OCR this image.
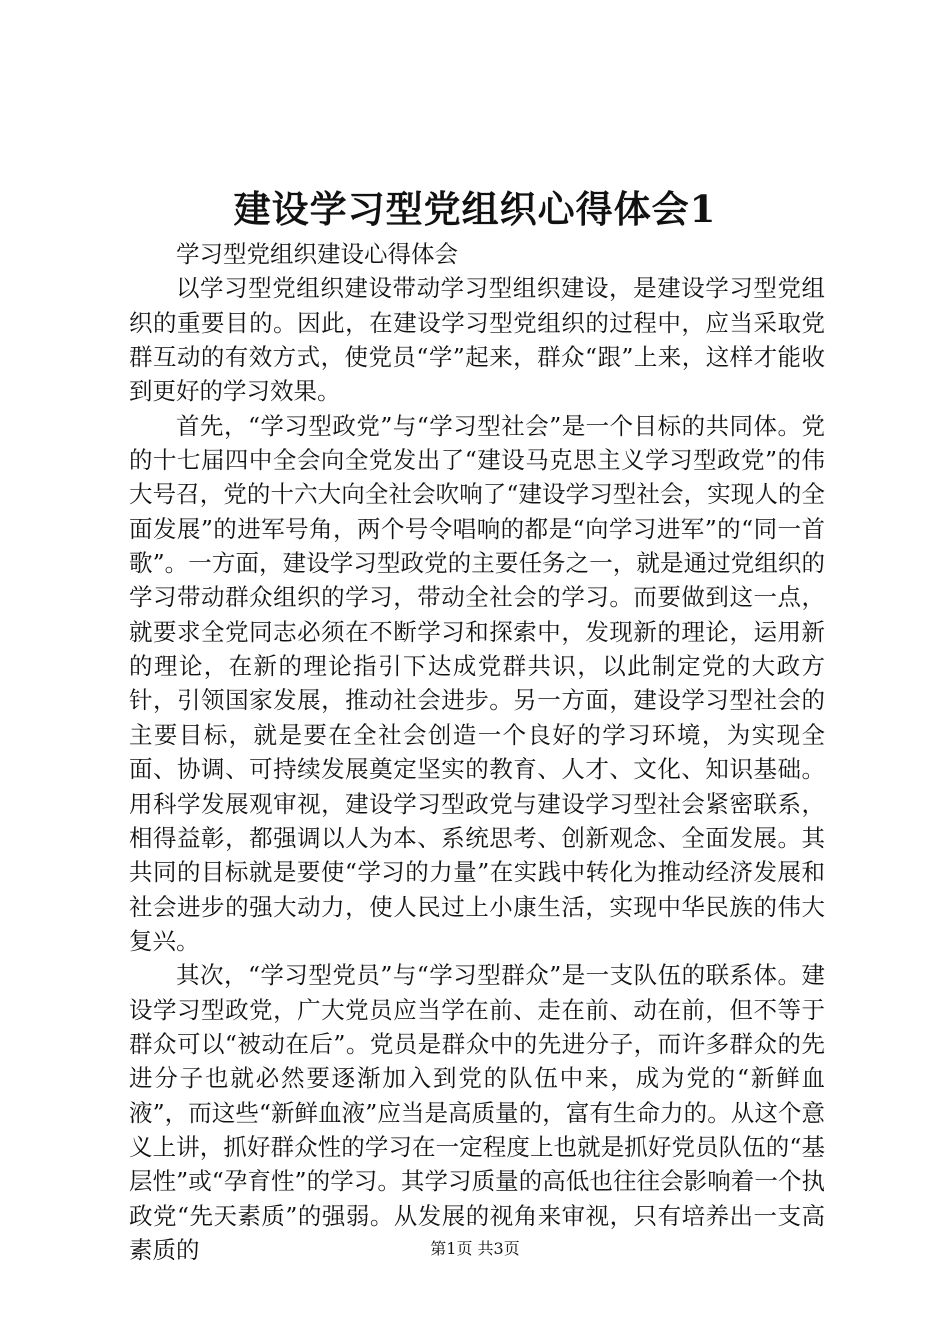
建设学习型党组织心得体会1

学习型党组织建设心得体会

以学习型党组织建设带动学习型组织建设，是建设学习型党组织的重要目的。因此，在建设学习型党组织的过程中，应当采取党群互动的有效方式，使党员“学”起来，群众“跟”上来，这样才能收到更好的学习效果。

首先，“学习型政党”与“学习型社会”是一个目标的共同体。党的十七届四中全会向全党发出了“建设马克思主义学习型政党”的伟大号召，党的十六大向全社会吹响了“建设学习型社会，实现人的全面发展”的进军号角，两个号令唱响的都是“向学习进军”的“同一首歌”。一方面，建设学习型政党的主要任务之一，就是通过党组织的学习带动群众组织的学习，带动全社会的学习。而要做到这一点，就要求全党同志必须在不断学习和探索中，发现新的理论，运用新的理论，在新的理论指引下达成党群共识，以此制定党的大政方针，引领国家发展，推动社会进步。另一方面，建设学习型社会的主要目标，就是要在全社会创造一个良好的学习环境，为实现全面、协调、可持续发展奠定坚实的教育、人才、文化、知识基础。用科学发展观审视，建设学习型政党与建设学习型社会紧密联系，相得益彰，都强调以人为本、系统思考、创新观念、全面发展。其共同的目标就是要使“学习的力量”在实践中转化为推动经济发展和社会进步的强大动力，使人民过上小康生活，实现中华民族的伟大复兴。

其次，“学习型党员”与“学习型群众”是一支队伍的联系体。建设学习型政党，广大党员应当学在前、走在前、动在前，但不等于群众可以“被动在后”。党员是群众中的先进分子，而许多群众的先进分子也就必然要逐渐加入到党的队伍中来，成为党的“新鲜血液”，而这些“新鲜血液”应当是高质量的，富有生命力的。从这个意义上讲，抓好群众性的学习在一定程度上也就是抓好党员队伍的“基层性”或“孕育性”的学习。其学习质量的高低也往往会影响着一个执政党“先天素质”的强弱。从发展的视角来审视，只有培养出一支高素质的	第1页 共3页
